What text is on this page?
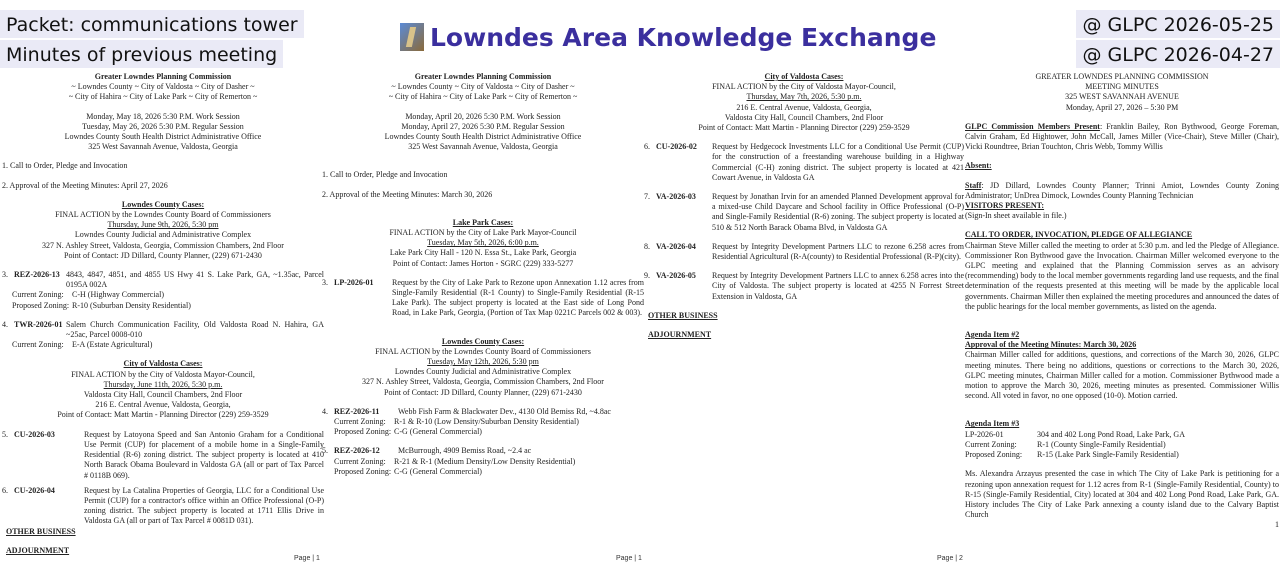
Packet: communications tower
Minutes of previous meeting
Lowndes Area Knowledge Exchange	@ GLPC 2026-05-25
@ GLPC 2026-04-27
Greater Lowndes Planning Commission
~ Lowndes County ~ City of Valdosta ~ City of Dasher ~
~ City of Hahira ~ City of Lake Park ~ City of Remerton ~
Monday, May 18, 2026 5:30 P.M. Work Session
Tuesday, May 26, 2026 5:30 P.M. Regular Session
Lowndes County South Health District Administrative Office
325 West Savannah Avenue, Valdosta, Georgia
1. Call to Order, Pledge and Invocation
2. Approval of the Meeting Minutes: April 27, 2026
Lowndes County Cases:
FINAL ACTION by the Lowndes County Board of Commissioners
Thursday, June 9th, 2026, 5:30 pm
Lowndes County Judicial and Administrative Complex
327 N. Ashley Street, Valdosta, Georgia, Commission Chambers, 2nd Floor
Point of Contact: JD Dillard, County Planner, (229) 671-2430
3. REZ-2026-13 4843, 4847, 4851, and 4855 US Hwy 41 S. Lake Park, GA, ~1.35ac, Parcel 0195A 002A
Current Zoning:	C-H (Highway Commercial)
Proposed Zoning: R-10 (Suburban Density Residential)
4. TWR-2026-01 Salem Church Communication Facility, Old Valdosta Road N. Hahira, GA ~25ac, Parcel 0008-010
Current Zoning:	E-A (Estate Agricultural)
City of Valdosta Cases:
FINAL ACTION by the City of Valdosta Mayor-Council,
Thursday, June 11th, 2026, 5:30 p.m.
Valdosta City Hall, Council Chambers, 2nd Floor
216 E. Central Avenue, Valdosta, Georgia,
Point of Contact: Matt Martin - Planning Director (229) 259-3529
5. CU-2026-03	Request by Latoyona Speed and San Antonio Graham for a Conditional Use Permit (CUP) for placement of a mobile home in a Single-Family Residential (R-6) zoning district. The subject property is located at 410 North Barack Obama Boulevard in Valdosta GA (all or part of Tax Parcel # 0118B 069).
6. CU-2026-04	Request by La Catalina Properties of Georgia, LLC for a Conditional Use Permit (CUP) for a contractor's office within an Office Professional (O-P) zoning district. The subject property is located at 1711 Ellis Drive in Valdosta GA (all or part of Tax Parcel # 0081D 031).
OTHER BUSINESS
ADJOURNMENT
Page | 1
Greater Lowndes Planning Commission
~ Lowndes County ~ City of Valdosta ~ City of Dasher ~
~ City of Hahira ~ City of Lake Park ~ City of Remerton ~
Monday, April 20, 2026 5:30 P.M. Work Session
Monday, April 27, 2026 5:30 P.M. Regular Session
Lowndes County South Health District Administrative Office
325 West Savannah Avenue, Valdosta, Georgia
1. Call to Order, Pledge and Invocation
2. Approval of the Meeting Minutes: March 30, 2026
Lake Park Cases:
FINAL ACTION by the City of Lake Park Mayor-Council
Tuesday, May 5th, 2026, 6:00 p.m.
Lake Park City Hall - 120 N. Essa St., Lake Park, Georgia
Point of Contact: James Horton - SGRC (229) 333-5277
3. LP-2026-01	Request by the City of Lake Park to Rezone upon Annexation 1.12 acres from Single-Family Residential (R-1 County) to Single-Family Residential (R-15 Lake Park). The subject property is located at the East side of Long Pond Road, in Lake Park, Georgia, (Portion of Tax Map 0221C Parcels 002 & 003).
Lowndes County Cases:
FINAL ACTION by the Lowndes County Board of Commissioners
Tuesday, May 12th, 2026, 5:30 pm
Lowndes County Judicial and Administrative Complex
327 N. Ashley Street, Valdosta, Georgia, Commission Chambers, 2nd Floor
Point of Contact: JD Dillard, County Planner, (229) 671-2430
4. REZ-2026-11	Webb Fish Farm & Blackwater Dev., 4130 Old Bemiss Rd, ~4.8ac
Current Zoning:	R-1 & R-10 (Low Density/Suburban Density Residential)
Proposed Zoning: C-G (General Commercial)
5. REZ-2026-12	McBurrough, 4909 Bemiss Road, ~2.4 ac
Current Zoning:	R-21 & R-1 (Medium Density/Low Density Residential)
Proposed Zoning: C-G (General Commercial)
Page | 1
City of Valdosta Cases:
FINAL ACTION by the City of Valdosta Mayor-Council,
Thursday, May 7th, 2026, 5:30 p.m.
216 E. Central Avenue, Valdosta, Georgia,
Valdosta City Hall, Council Chambers, 2nd Floor
Point of Contact: Matt Martin - Planning Director (229) 259-3529
6. CU-2026-02	Request by Hedgecock Investments LLC for a Conditional Use Permit (CUP) for the construction of a freestanding warehouse building in a Highway Commercial (C-H) zoning district. The subject property is located at 421 Cowart Avenue, in Valdosta GA
7. VA-2026-03	Request by Jonathan Irvin for an amended Planned Development approval for a mixed-use Child Daycare and School facility in Office Professional (O-P) and Single-Family Residential (R-6) zoning. The subject property is located at 510 & 512 North Barack Obama Blvd, in Valdosta GA
8. VA-2026-04	Request by Integrity Development Partners LLC to rezone 6.258 acres from Residential Agricultural (R-A(county) to Residential Professional (R-P)(city).
9. VA-2026-05	Request by Integrity Development Partners LLC to annex 6.258 acres into the City of Valdosta. The subject property is located at 4255 N Forrest Street Extension in Valdosta, GA
OTHER BUSINESS
ADJOURNMENT
Page | 2
GREATER LOWNDES PLANNING COMMISSION
MEETING MINUTES
325 WEST SAVANNAH AVENUE
Monday, April 27, 2026 – 5:30 PM
GLPC Commission Members Present: Franklin Bailey, Ron Bythwood, George Foreman, Calvin Graham, Ed Hightower, John McCall, James Miller (Vice-Chair), Steve Miller (Chair), Vicki Roundtree, Brian Touchton, Chris Webb, Tommy Willis
Absent:
Staff: JD Dillard, Lowndes County Planner; Trinni Amiot, Lowndes County Zoning Administrator; UnDrea Dimock, Lowndes County Planning Technician
VISITORS PRESENT:
(Sign-In sheet available in file.)
CALL TO ORDER, INVOCATION, PLEDGE OF ALLEGIANCE
Chairman Steve Miller called the meeting to order at 5:30 p.m. and led the Pledge of Allegiance. Commissioner Ron Bythwood gave the Invocation. Chairman Miller welcomed everyone to the GLPC meeting and explained that the Planning Commission serves as an advisory (recommending) body to the local member governments regarding land use requests, and the final determination of the requests presented at this meeting will be made by the applicable local governments. Chairman Miller then explained the meeting procedures and announced the dates of the public hearings for the local member governments, as listed on the agenda.
Agenda Item #2
Approval of the Meeting Minutes: March 30, 2026
Chairman Miller called for additions, questions, and corrections of the March 30, 2026, GLPC meeting minutes. There being no additions, questions or corrections to the March 30, 2026, GLPC meeting minutes, Chairman Miller called for a motion. Commissioner Bythwood made a motion to approve the March 30, 2026, meeting minutes as presented. Commissioner Willis second. All voted in favor, no one opposed (10-0). Motion carried.
Agenda Item #3
LP-2026-01	304 and 402 Long Pond Road, Lake Park, GA
Current Zoning:	R-1 (County Single-Family Residential)
Proposed Zoning:	R-15 (Lake Park Single-Family Residential)
Ms. Alexandra Arzayus presented the case in which The City of Lake Park is petitioning for a rezoning upon annexation request for 1.12 acres from R-1 (Single-Family Residential, County) to R-15 (Single-Family Residential, City) located at 304 and 402 Long Pond Road, Lake Park, GA. History includes The City of Lake Park annexing a county island due to the Calvary Baptist Church
1
